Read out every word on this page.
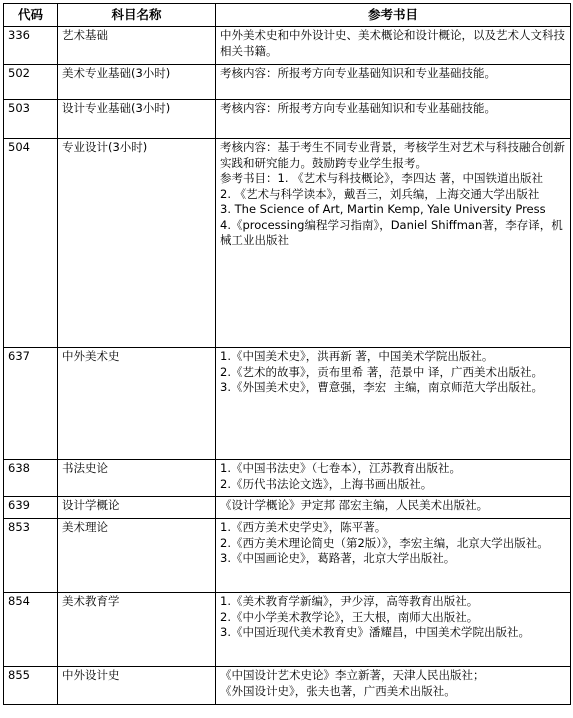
代码	科目名称	参考书目
336	艺术基础	中外美术史和中外设计史、美术概论和设计概论，以及艺术人文科技相关书籍。
502	美术专业基础(3小时)	考核内容：所报考方向专业基础知识和专业基础技能。
503	设计专业基础(3小时)	考核内容：所报考方向专业基础知识和专业基础技能。
504	专业设计(3小时)	考核内容：基于考生不同专业背景，考核学生对艺术与科技融合创新实践和研究能力。鼓励跨专业学生报考。
参考书目：1. 《艺术与科技概论》，李四达 著，中国铁道出版社
2. 《艺术与科学读本》，戴吾三，刘兵编，上海交通大学出版社
3. The Science of Art, Martin Kemp, Yale University Press
4.《processing编程学习指南》，Daniel Shiffman著，李存译，机械工业出版社
637	中外美术史	1.《中国美术史》，洪再新 著，中国美术学院出版社。
2.《艺术的故事》，贡布里希 著，范景中 译，广西美术出版社。
3.《外国美术史》，曹意强，李宏  主编，南京师范大学出版社。
638	书法史论	1.《中国书法史》（七卷本），江苏教育出版社。
2.《历代书法论文选》，上海书画出版社。
639	设计学概论	《设计学概论》尹定邦 邵宏主编，人民美术出版社。
853	美术理论	1.《西方美术史学史》，陈平著。
2.《西方美术理论简史（第2版）》，李宏主编，北京大学出版社。
3.《中国画论史》，葛路著，北京大学出版社。
854	美术教育学	1.《美术教育学新编》，尹少淳，高等教育出版社。
2.《中小学美术教学论》，王大根，南师大出版社。
3.《中国近现代美术教育史》潘耀昌，中国美术学院出版社。
855	中外设计史	《中国设计艺术史论》李立新著，天津人民出版社；
《外国设计史》，张夫也著，广西美术出版社。
